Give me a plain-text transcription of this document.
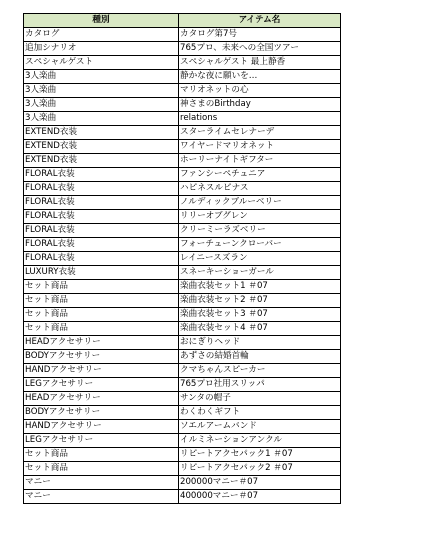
種別	アイテム名
カタログ	カタログ第7号
追加シナリオ	765プロ、未来への全国ツアー
スペシャルゲスト	スペシャルゲスト 最上静香
3人楽曲	静かな夜に願いを…
3人楽曲	マリオネットの心
3人楽曲	神さまのBirthday
3人楽曲	relations
EXTEND衣装	スターライムセレナーデ
EXTEND衣装	ワイヤードマリオネット
EXTEND衣装	ホーリーナイトギフター
FLORAL衣装	ファンシーペチュニア
FLORAL衣装	ハピネスルピナス
FLORAL衣装	ノルディックブルーベリー
FLORAL衣装	リリーオブグレン
FLORAL衣装	クリーミーラズベリー
FLORAL衣装	フォーチューンクローバー
FLORAL衣装	レイニースズラン
LUXURY衣装	スネーキーショーガール
セット商品	楽曲衣装セット1 ＃07
セット商品	楽曲衣装セット2 ＃07
セット商品	楽曲衣装セット3 ＃07
セット商品	楽曲衣装セット4 ＃07
HEADアクセサリー	おにぎりヘッド
BODYアクセサリー	あずさの結婚首輪
HANDアクセサリー	クマちゃんスピーカー
LEGアクセサリー	765プロ社用スリッパ
HEADアクセサリー	サンタの帽子
BODYアクセサリー	わくわくギフト
HANDアクセサリー	ソエルアームバンド
LEGアクセサリー	イルミネーションアンクル
セット商品	リピートアクセパック1 ＃07
セット商品	リピートアクセパック2 ＃07
マニー	200000マニー＃07
マニー	400000マニー＃07
